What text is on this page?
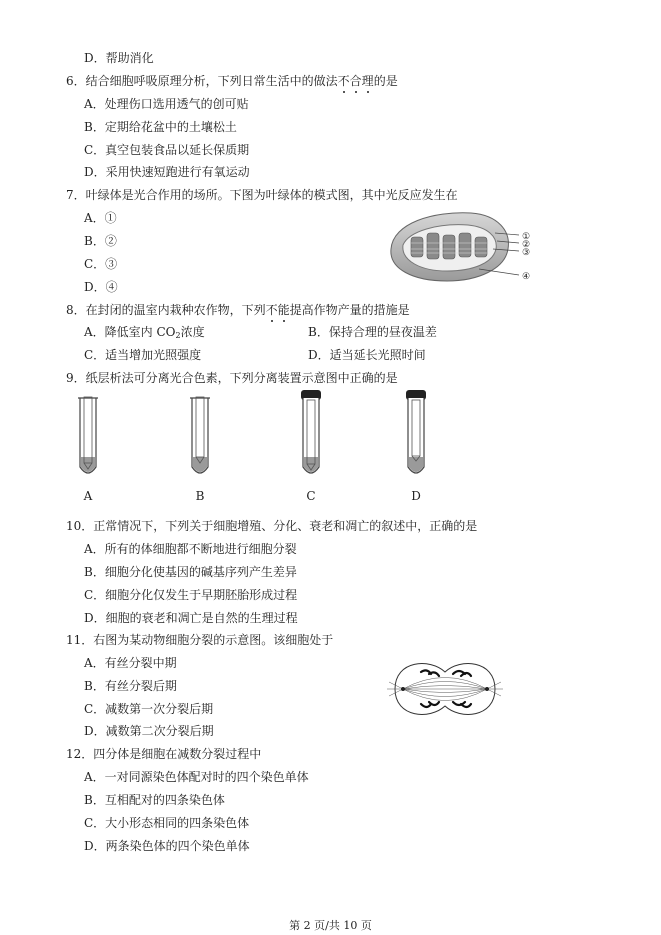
D．帮助消化
6．结合细胞呼吸原理分析，下列日常生活中的做法不合理的是
A．处理伤口选用透气的创可贴
B．定期给花盆中的土壤松土
C．真空包装食品以延长保质期
D．采用快速短跑进行有氧运动
7．叶绿体是光合作用的场所。下图为叶绿体的模式图，其中光反应发生在
A．①
B．②
C．③
D．④
①
②
③
④
8．在封闭的温室内栽种农作物，下列不能提高作物产量的措施是
A．降低室内 $CO_2$浓度	B．保持合理的昼夜温差
C．适当增加光照强度	D．适当延长光照时间
9．纸层析法可分离光合色素，下列分离装置示意图中正确的是
A	B	C	D
10．正常情况下，下列关于细胞增殖、分化、衰老和凋亡的叙述中，正确的是
A．所有的体细胞都不断地进行细胞分裂
B．细胞分化使基因的碱基序列产生差异
C．细胞分化仅发生于早期胚胎形成过程
D．细胞的衰老和凋亡是自然的生理过程
11．右图为某动物细胞分裂的示意图。该细胞处于
A．有丝分裂中期
B．有丝分裂后期
C．减数第一次分裂后期
D．减数第二次分裂后期
12．四分体是细胞在减数分裂过程中
A．一对同源染色体配对时的四个染色单体
B．互相配对的四条染色体
C．大小形态相同的四条染色体
D．两条染色体的四个染色单体
第 2 页/共 10 页
